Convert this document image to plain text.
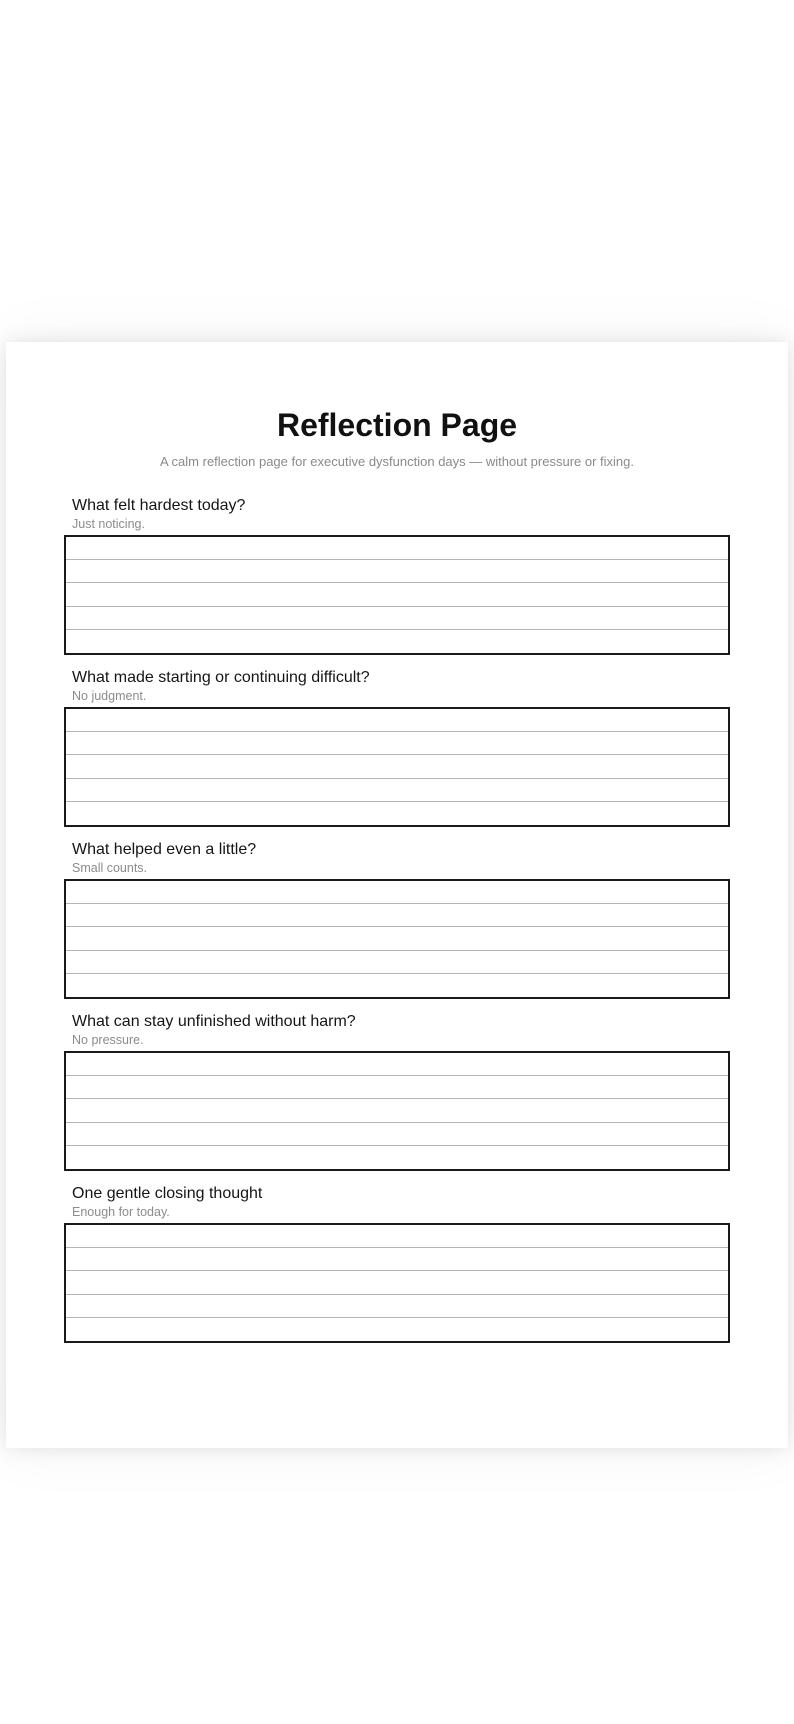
Reflection Page

A calm reflection page for executive dysfunction days — without pressure or fixing.

What felt hardest today?
Just noticing.
What made starting or continuing difficult?
No judgment.
What helped even a little?
Small counts.
What can stay unfinished without harm?
No pressure.
One gentle closing thought
Enough for today.
